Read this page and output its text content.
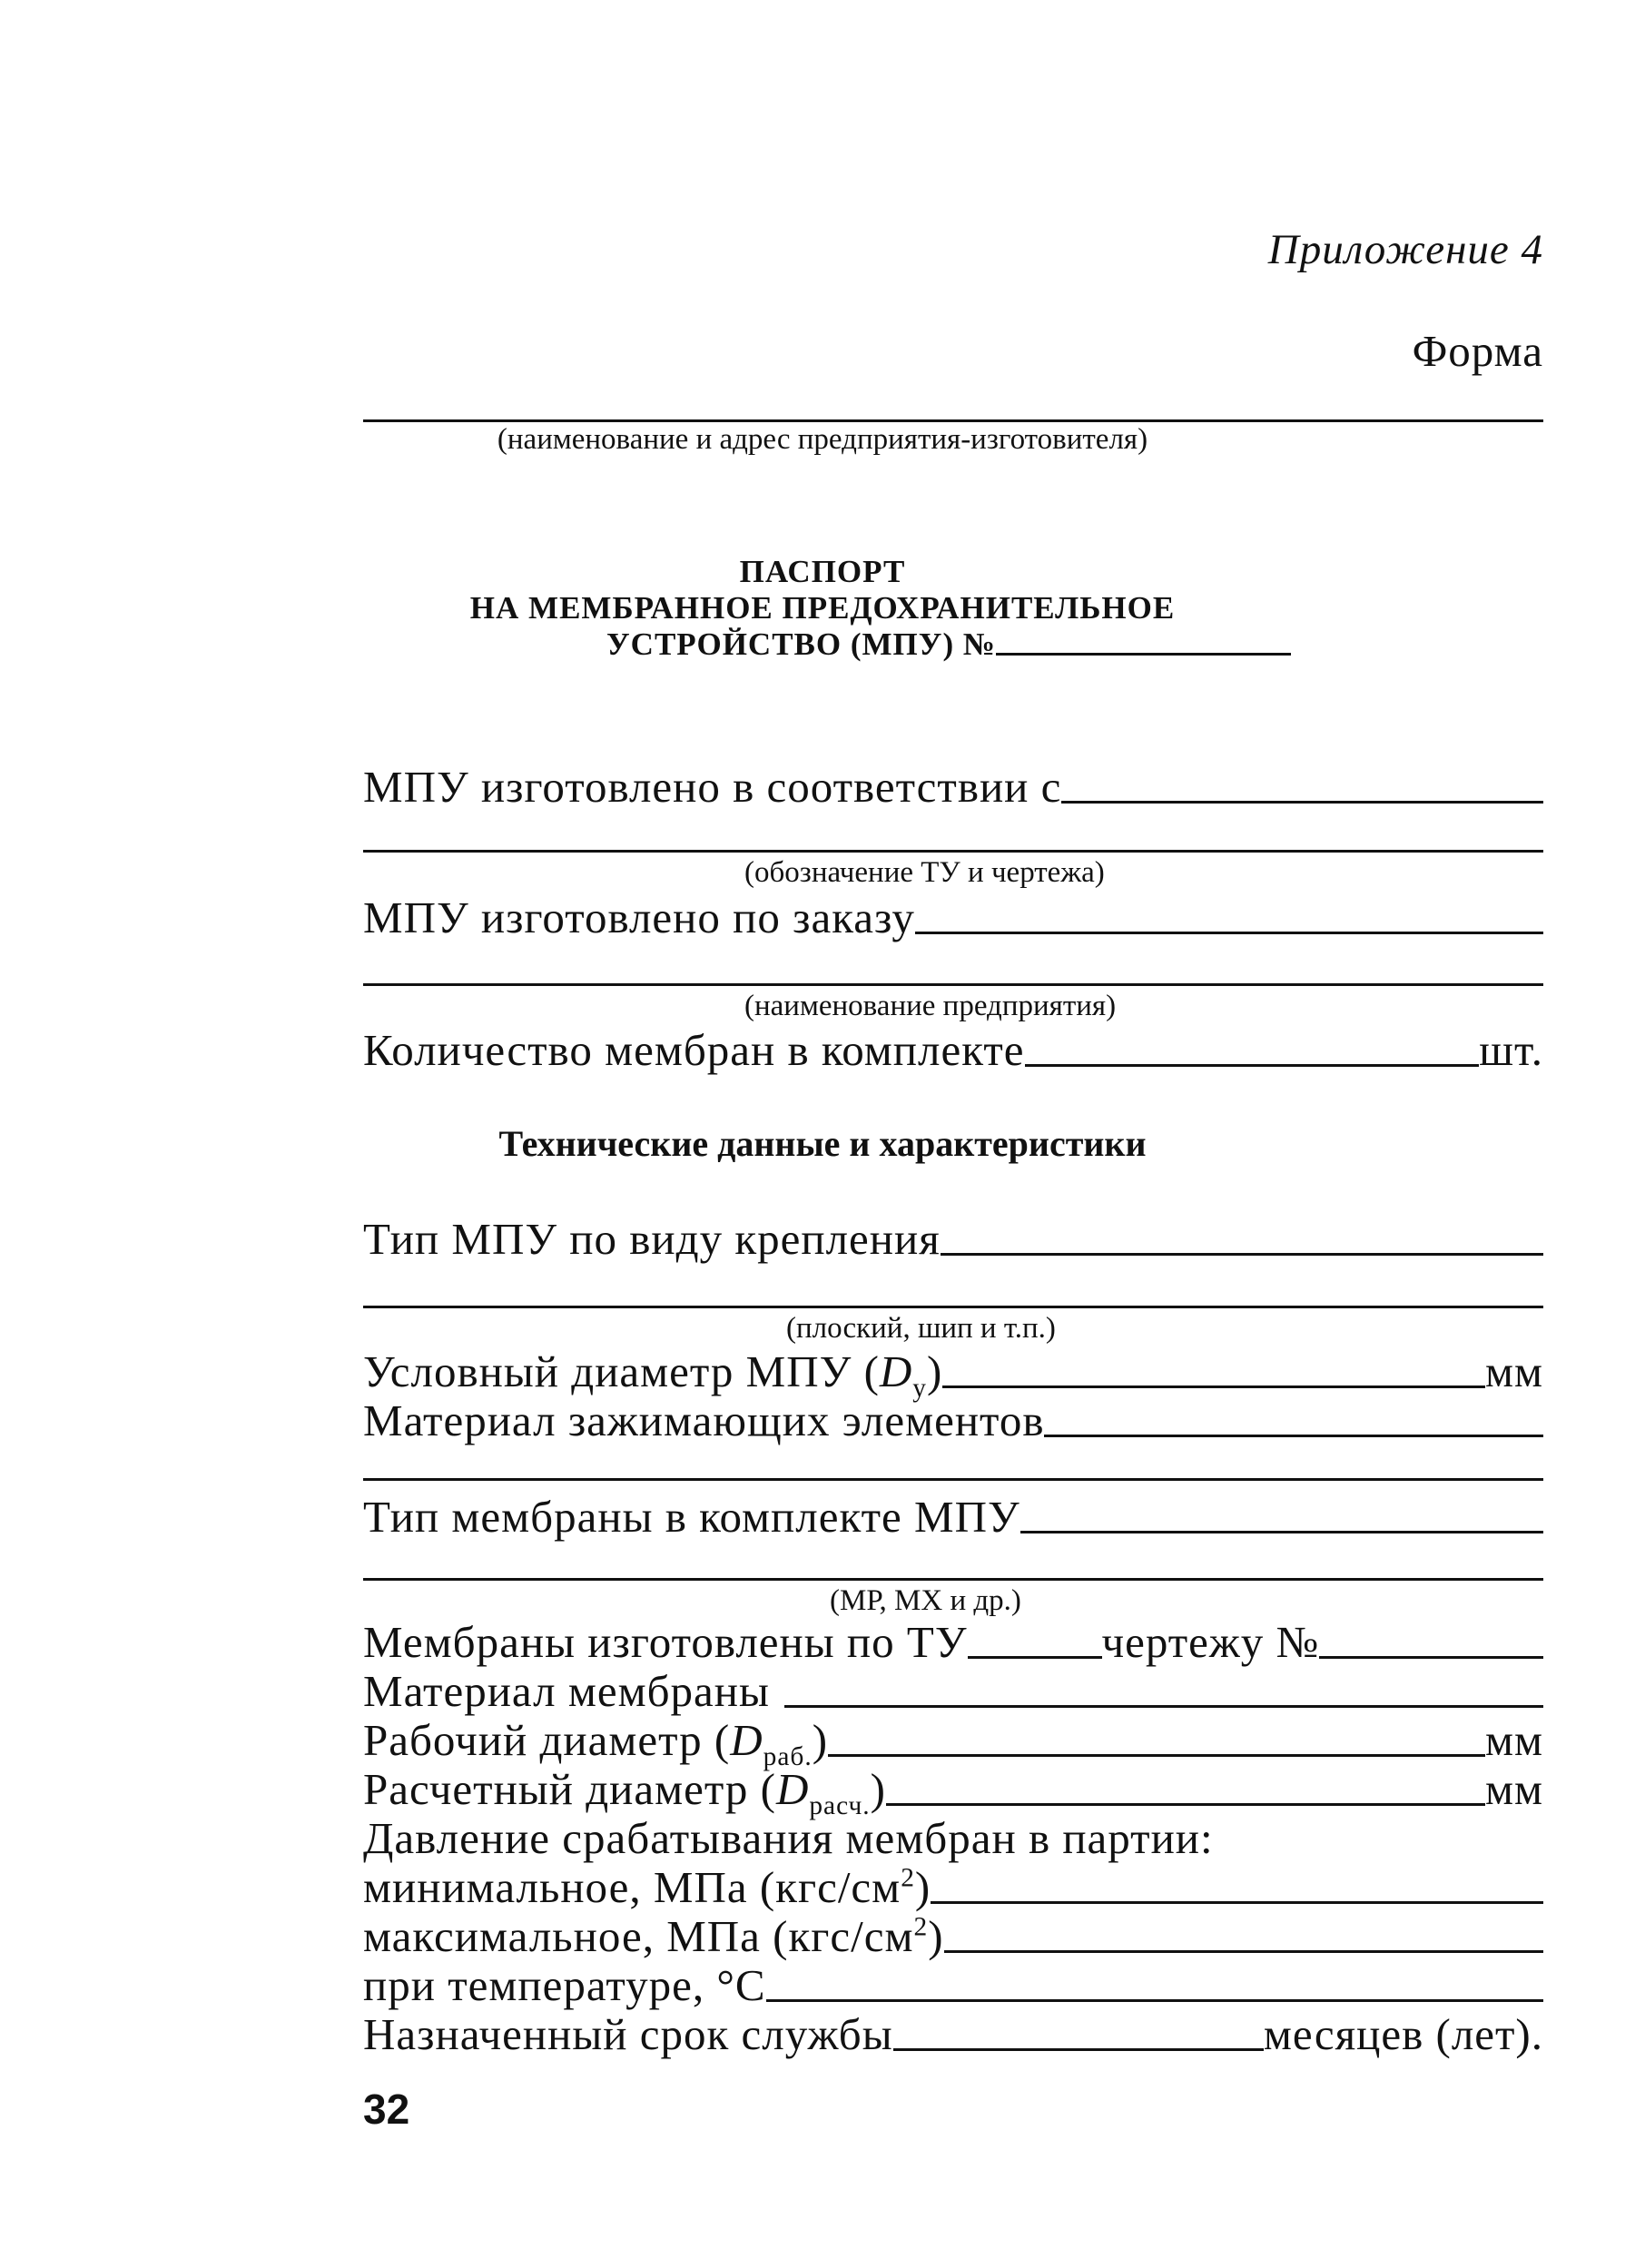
Приложение 4
Форма
(наименование и адрес предприятия-изготовителя)
ПАСПОРТ
НА МЕМБРАННОЕ ПРЕДОХРАНИТЕЛЬНОЕ
УСТРОЙСТВО (МПУ) №
МПУ изготовлено в соответствии с
(обозначение ТУ и чертежа)
МПУ изготовлено по заказу
(наименование предприятия)
Количество мембран в комплекте	шт.
Технические данные и характеристики
Тип МПУ по виду крепления
(плоский, шип и т.п.)
Условный диаметр МПУ $(D_у)$	мм
Материал зажимающих элементов
Тип мембраны в комплекте МПУ
(МР, МХ и др.)
Мембраны изготовлены по ТУ	чертежу №
Материал мембраны
Рабочий диаметр $(D_{раб.})$	мм
Расчетный диаметр $(D_{расч.})$	мм
Давление срабатывания мембран в партии:
минимальное, МПа $(кгс/см^2)$
максимальное, МПа $(кгс/см^2)$
при температуре, °С
Назначенный срок службы	месяцев (лет).
32
